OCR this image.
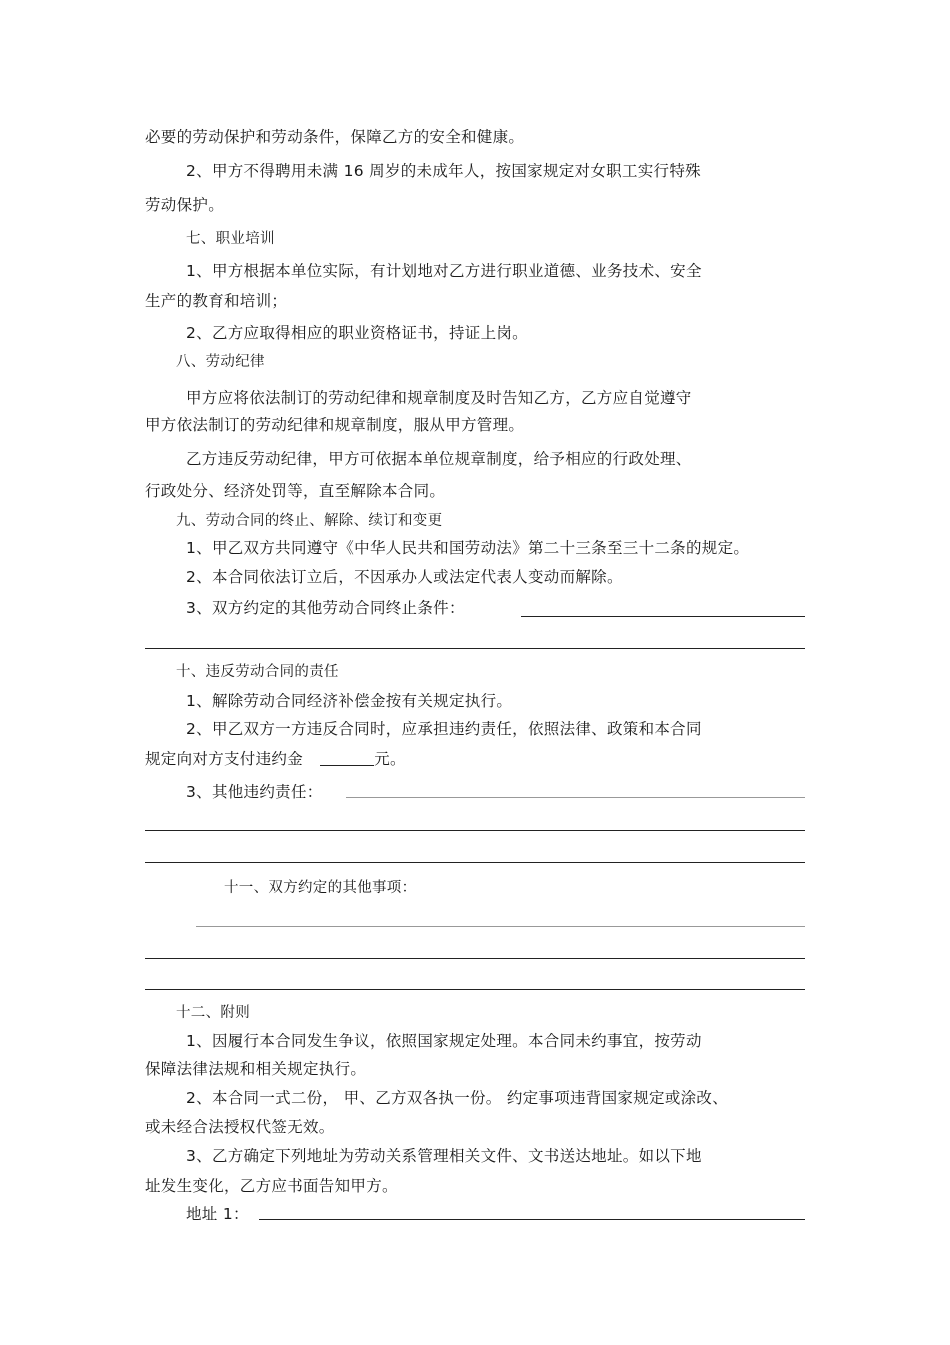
必要的劳动保护和劳动条件，保障乙方的安全和健康。
2、甲方不得聘用未满 16 周岁的未成年人，按国家规定对女职工实行特殊
劳动保护。
七、职业培训
1、甲方根据本单位实际，有计划地对乙方进行职业道德、业务技术、安全
生产的教育和培训；
2、乙方应取得相应的职业资格证书，持证上岗。
八、劳动纪律
甲方应将依法制订的劳动纪律和规章制度及时告知乙方，乙方应自觉遵守
甲方依法制订的劳动纪律和规章制度，服从甲方管理。
乙方违反劳动纪律，甲方可依据本单位规章制度，给予相应的行政处理、
行政处分、经济处罚等，直至解除本合同。
九、劳动合同的终止、解除、续订和变更
1、甲乙双方共同遵守《中华人民共和国劳动法》第二十三条至三十二条的规定。
2、本合同依法订立后，不因承办人或法定代表人变动而解除。
3、双方约定的其他劳动合同终止条件：
十、违反劳动合同的责任
1、解除劳动合同经济补偿金按有关规定执行。
2、甲乙双方一方违反合同时，应承担违约责任，依照法律、政策和本合同
规定向对方支付违约金	元。
3、其他违约责任：
十一、双方约定的其他事项：
十二、附则
1、因履行本合同发生争议，依照国家规定处理。本合同未约事宜，按劳动
保障法律法规和相关规定执行。
2、本合同一式二份， 甲、乙方双各执一份。 约定事项违背国家规定或涂改、
或未经合法授权代签无效。
3、乙方确定下列地址为劳动关系管理相关文件、文书送达地址。如以下地
址发生变化，乙方应书面告知甲方。
地址 1：
